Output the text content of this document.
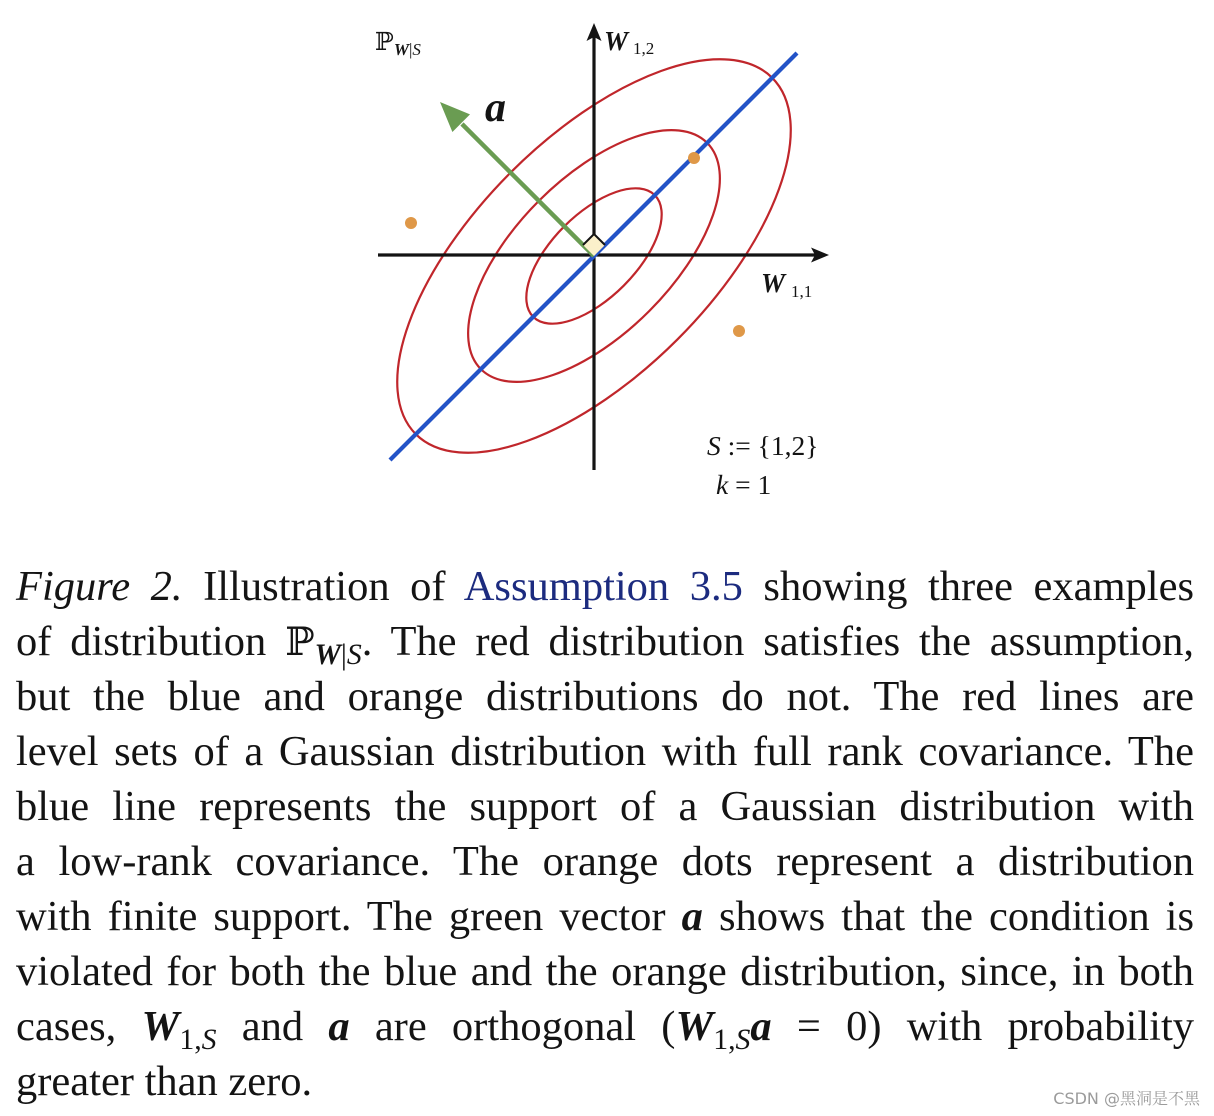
ℙ$_W$|S	W 1,2
W 1,1
a
S := {1,2}
k = 1
Figure 2. Illustration of Assumption 3.5 showing three examples
of distribution ℙ$_{W|S}$. The red distribution satisfies the assumption,
but the blue and orange distributions do not. The red lines are
level sets of a Gaussian distribution with full rank covariance. The
blue line represents the support of a Gaussian distribution with
a low-rank covariance. The orange dots represent a distribution
with finite support. The green vector a shows that the condition is
violated for both the blue and the orange distribution, since, in both
cases, $W_{1,S}$ and a are orthogonal $(W_{1,S}a = 0)$ with probability
greater than zero.	CSDN @黑洞是不黑
